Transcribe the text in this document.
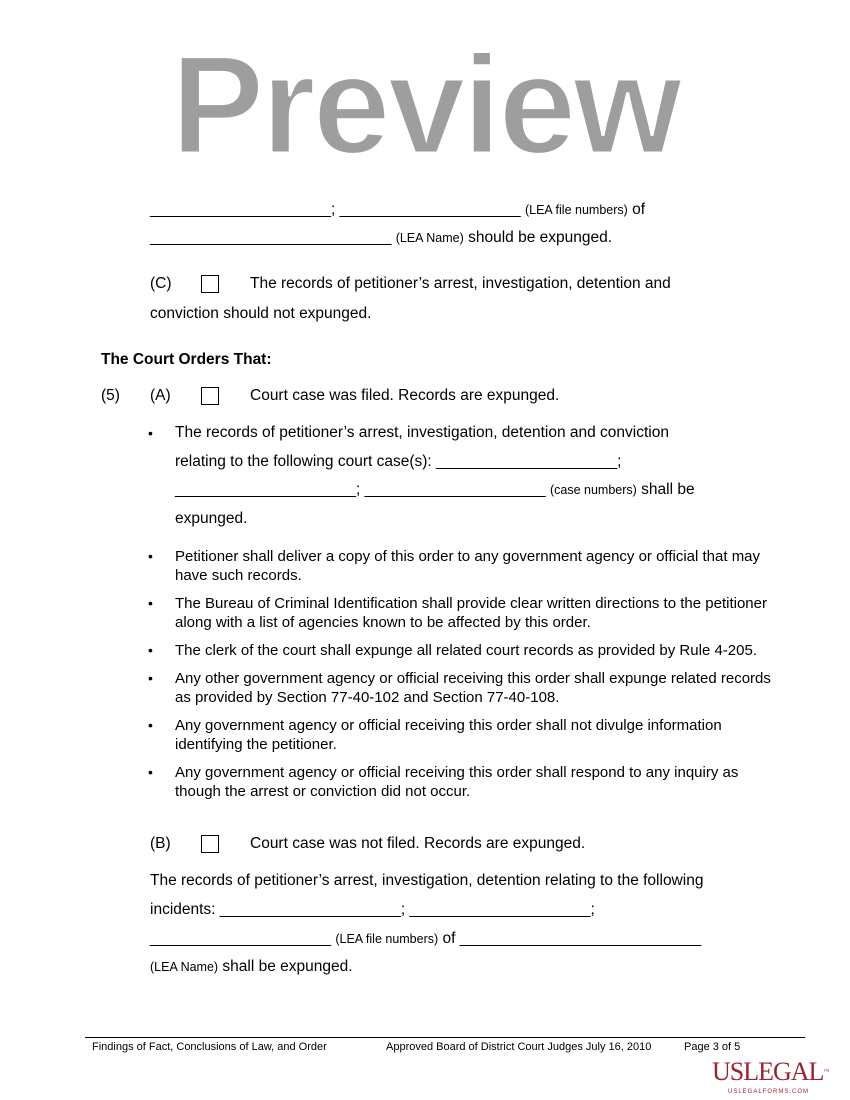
Preview
_____________________; _____________________ (LEA file numbers) of
____________________________ (LEA Name) should be expunged.
(C)	The records of petitioner’s arrest, investigation, detention and
conviction should not expunged.
The Court Orders That:
(5) (A)	Court case was filed. Records are expunged.
• The records of petitioner’s arrest, investigation, detention and conviction
relating to the following court case(s): _____________________;
_____________________; _____________________ (case numbers) shall be
expunged.
• Petitioner shall deliver a copy of this order to any government agency or official that may have such records.
• The Bureau of Criminal Identification shall provide clear written directions to the petitioner along with a list of agencies known to be affected by this order.
• The clerk of the court shall expunge all related court records as provided by Rule 4-205.
• Any other government agency or official receiving this order shall expunge related records as provided by Section 77-40-102 and Section 77-40-108.
• Any government agency or official receiving this order shall not divulge information identifying the petitioner.
• Any government agency or official receiving this order shall respond to any inquiry as though the arrest or conviction did not occur.
(B)	Court case was not filed. Records are expunged.
The records of petitioner’s arrest, investigation, detention relating to the following
incidents: _____________________; _____________________;
_____________________ (LEA file numbers) of ____________________________
(LEA Name) shall be expunged.
Findings of Fact, Conclusions of Law, and Order	Approved Board of District Court Judges July 16, 2010	Page 3 of 5
USLEGAL™
USLEGALFORMS.COM
